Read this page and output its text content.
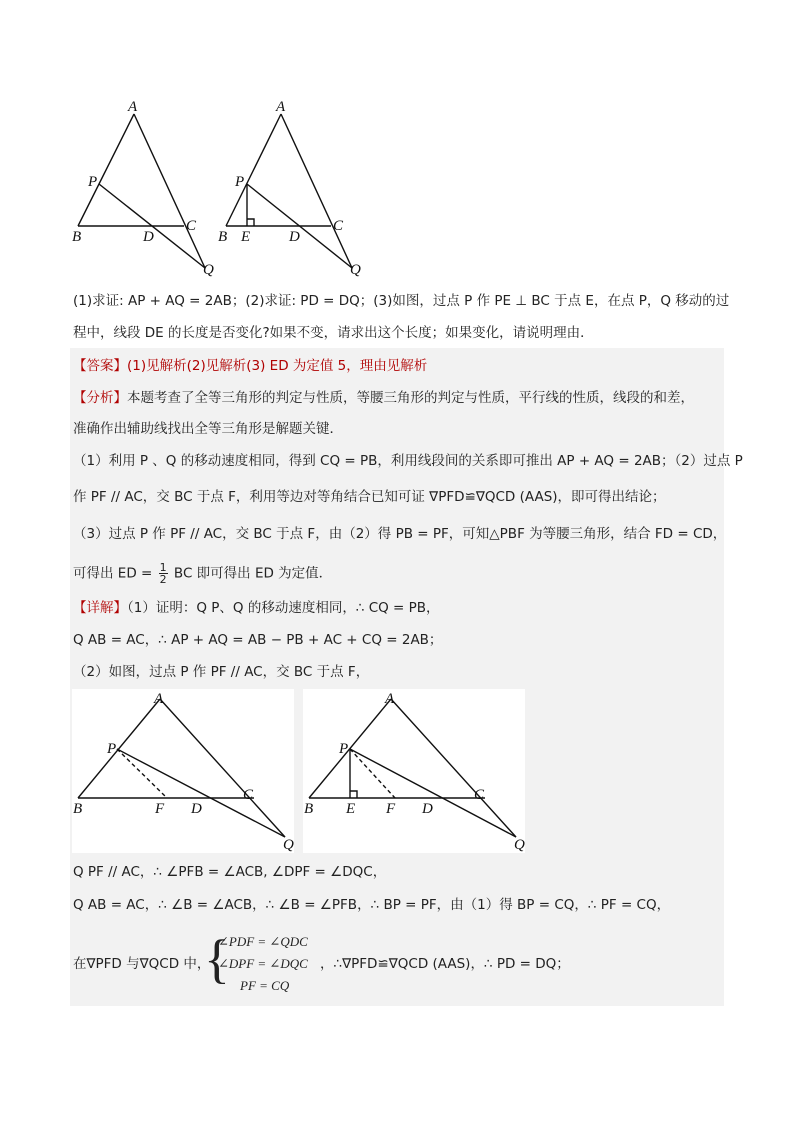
A
P
B	D
C
Q
A
P
B E	D
C
Q
(1)求证: AP + AQ = 2AB；(2)求证: PD = DQ；(3)如图，过点 P 作 PE ⊥ BC 于点 E，在点 P，Q 移动的过
程中，线段 DE 的长度是否变化?如果不变，请求出这个长度；如果变化，请说明理由．
【答案】(1)见解析(2)见解析(3) ED 为定值 5，理由见解析
【分析】本题考查了全等三角形的判定与性质，等腰三角形的判定与性质，平行线的性质，线段的和差，
准确作出辅助线找出全等三角形是解题关键．
（1）利用 P 、Q 的移动速度相同，得到 CQ = PB，利用线段间的关系即可推出 AP + AQ = 2AB；（2）过点 P
作 PF // AC，交 BC 于点 F，利用等边对等角结合已知可证 ∇PFD≌∇QCD (AAS)，即可得出结论；
（3）过点 P 作 PF // AC，交 BC 于点 F，由（2）得 PB = PF，可知△PBF 为等腰三角形，结合 FD = CD，
可得出 ED = $\frac{1}{2}$ BC 即可得出 ED 为定值．
【详解】（1）证明：Q P、Q 的移动速度相同，∴ CQ = PB，
Q AB = AC，∴ AP + AQ = AB − PB + AC + CQ = 2AB；
（2）如图，过点 P 作 PF // AC，交 BC 于点 F，
A
P
B	F D
C
Q
A
P
B E F D
C
Q
Q PF // AC，∴ ∠PFB = ∠ACB, ∠DPF = ∠DQC，
Q AB = AC，∴ ∠B = ∠ACB，∴ ∠B = ∠PFB，∴ BP = PF，由（1）得 BP = CQ，∴ PF = CQ，
在∇PFD 与∇QCD 中，
{
∠PDF = ∠QDC
∠DPF = ∠DQC
PF = CQ
，∴∇PFD≌∇QCD (AAS)，∴ PD = DQ；
